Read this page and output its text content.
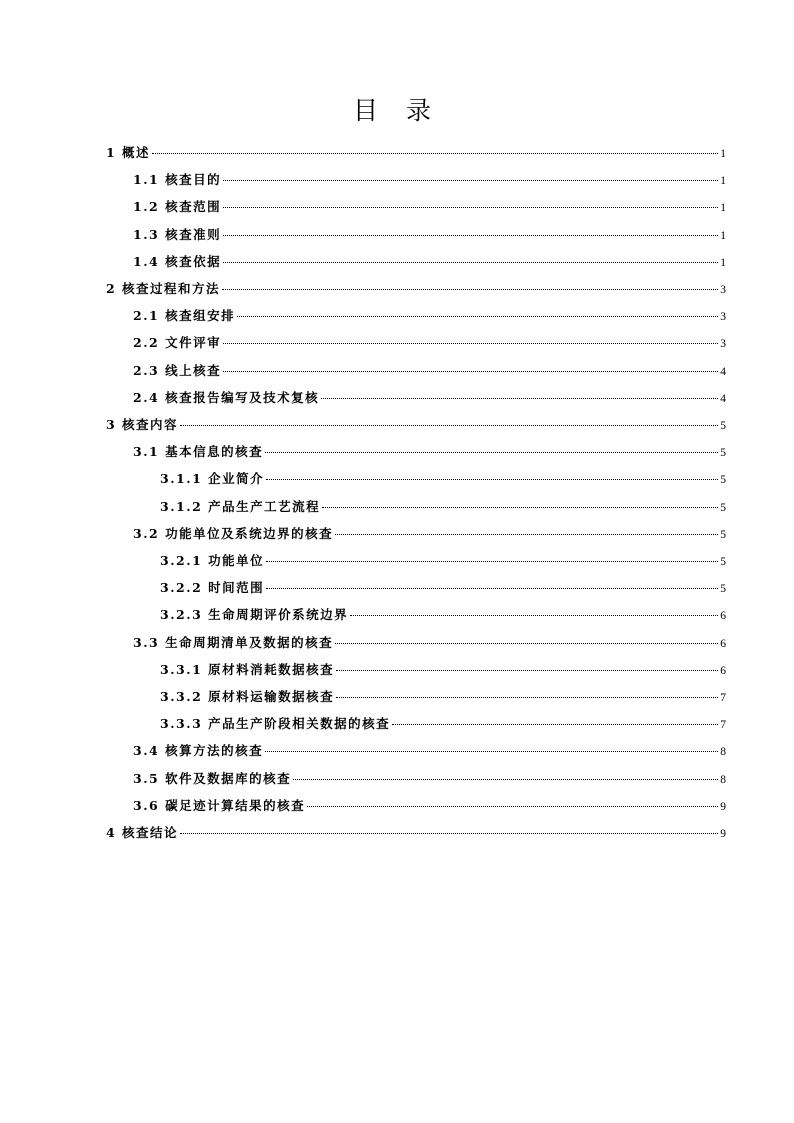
目 录
1 概述	1
1.1 核查目的	1
1.2 核查范围	1
1.3 核查准则	1
1.4 核查依据	1
2 核查过程和方法	3
2.1 核查组安排	3
2.2 文件评审	3
2.3 线上核查	4
2.4 核查报告编写及技术复核	4
3 核查内容	5
3.1 基本信息的核查	5
3.1.1 企业简介	5
3.1.2 产品生产工艺流程	5
3.2 功能单位及系统边界的核查	5
3.2.1 功能单位	5
3.2.2 时间范围	5
3.2.3 生命周期评价系统边界	6
3.3 生命周期清单及数据的核查	6
3.3.1 原材料消耗数据核查	6
3.3.2 原材料运输数据核查	7
3.3.3 产品生产阶段相关数据的核查	7
3.4 核算方法的核查	8
3.5 软件及数据库的核查	8
3.6 碳足迹计算结果的核查	9
4 核查结论	9
